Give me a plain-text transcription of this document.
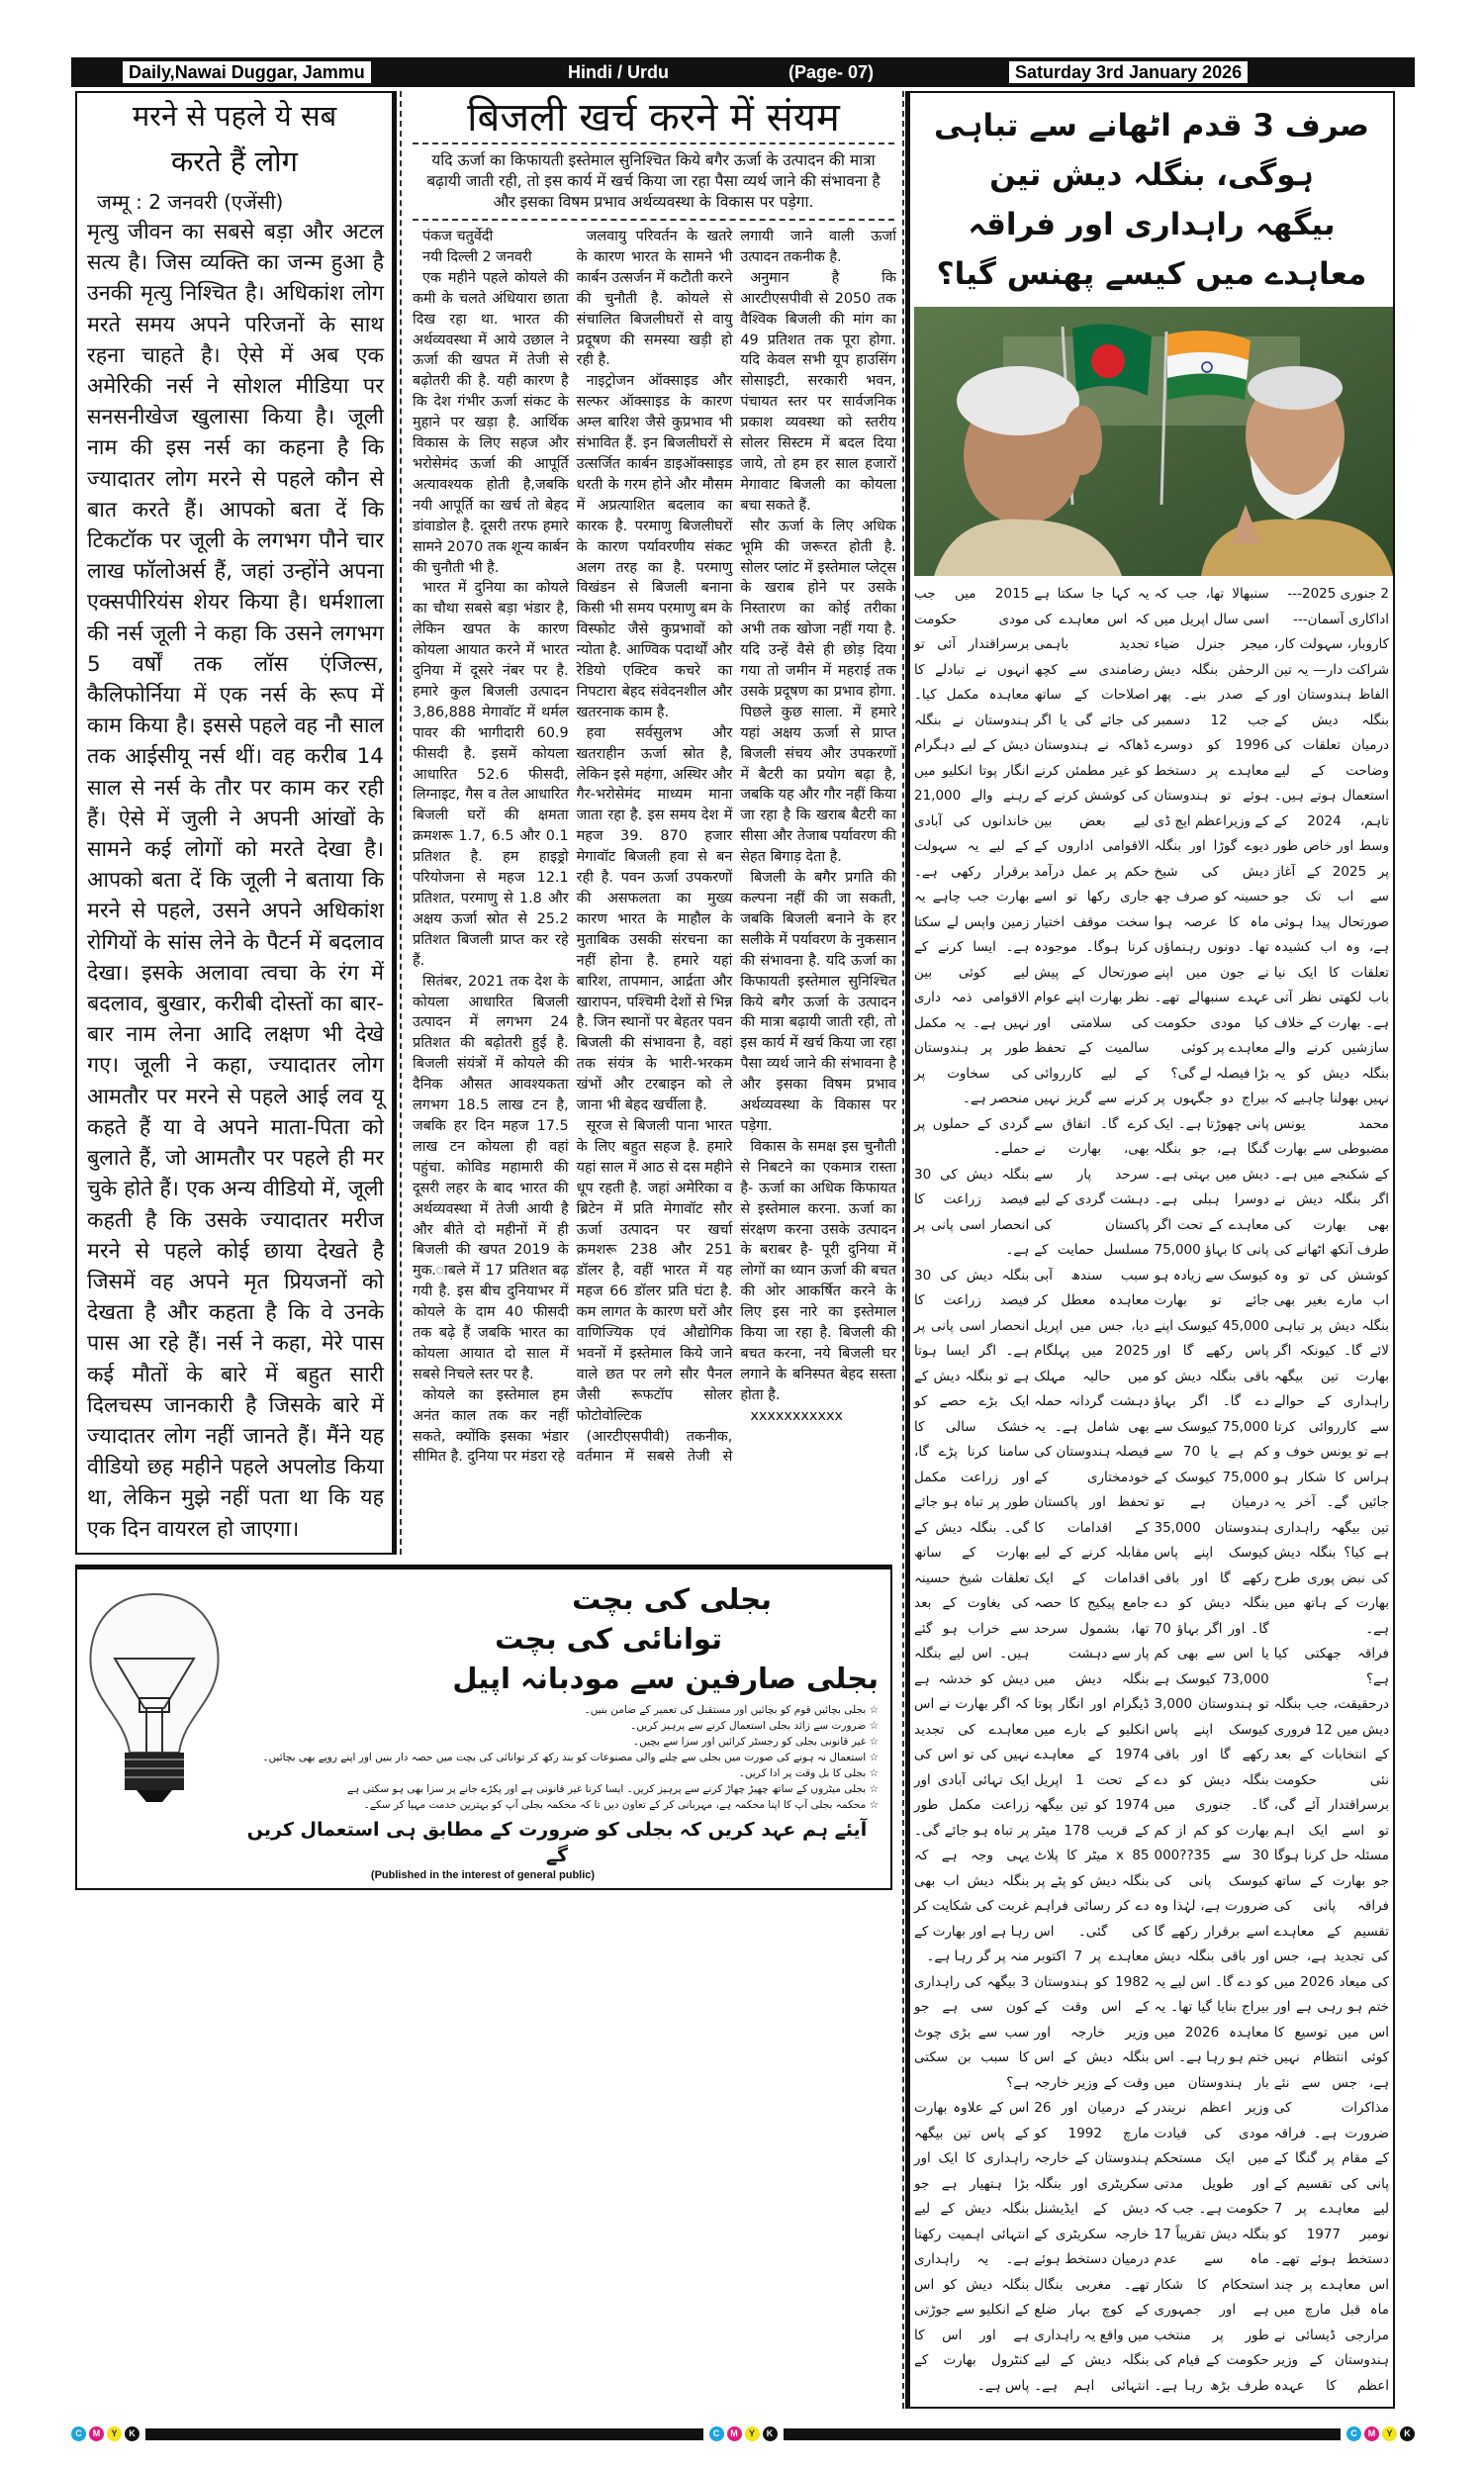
Daily,Nawai Duggar, Jammu	Hindi / Urdu	(Page- 07)	Saturday 3rd January 2026
मरने से पहले ये सब
करते हैं लोग
जम्मू : 2 जनवरी (एजेंसी)
मृत्यु जीवन का सबसे बड़ा और अटल सत्य है। जिस व्यक्ति का जन्म हुआ है उनकी मृत्यु निश्चित है। अधिकांश लोग मरते समय अपने परिजनों के साथ रहना चाहते है। ऐसे में अब एक अमेरिकी नर्स ने सोशल मीडिया पर सनसनीखेज खुलासा किया है। जूली नाम की इस नर्स का कहना है कि ज्यादातर लोग मरने से पहले कौन से बात करते हैं। आपको बता दें कि टिकटॉक पर जूली के लगभग पौने चार लाख फॉलोअर्स हैं, जहां उन्होंने अपना एक्सपीरियंस शेयर किया है। धर्मशाला की नर्स जूली ने कहा कि उसने लगभग 5 वर्षों तक लॉस एंजिल्स, कैलिफोर्निया में एक नर्स के रूप में काम किया है। इससे पहले वह नौ साल तक आईसीयू नर्स थीं। वह करीब 14 साल से नर्स के तौर पर काम कर रही हैं। ऐसे में जुली ने अपनी आंखों के सामने कई लोगों को मरते देखा है।आपको बता दें कि जूली ने बताया कि मरने से पहले, उसने अपने अधिकांश रोगियों के सांस लेने के पैटर्न में बदलाव देखा। इसके अलावा त्वचा के रंग में बदलाव, बुखार, करीबी दोस्तों का बार-बार नाम लेना आदि लक्षण भी देखे गए। जूली ने कहा, ज्यादातर लोग आमतौर पर मरने से पहले आई लव यू कहते हैं या वे अपने माता-पिता को बुलाते हैं, जो आमतौर पर पहले ही मर चुके होते हैं। एक अन्य वीडियो में, जूली कहती है कि उसके ज्यादातर मरीज मरने से पहले कोई छाया देखते है जिसमें वह अपने मृत प्रियजनों को देखता है और कहता है कि वे उनके पास आ रहे हैं। नर्स ने कहा, मेरे पास कई मौतों के बारे में बहुत सारी दिलचस्प जानकारी है जिसके बारे में ज्यादातर लोग नहीं जानते हैं। मैंने यह वीडियो छह महीने पहले अपलोड किया था, लेकिन मुझे नहीं पता था कि यह एक दिन वायरल हो जाएगा।
बिजली खर्च करने में संयम
यदि ऊर्जा का किफायती इस्तेमाल सुनिश्चित किये बगैर ऊर्जा के उत्पादन की मात्रा बढ़ायी जाती रही, तो इस कार्य में खर्च किया जा रहा पैसा व्यर्थ जाने की संभावना है और इसका विषम प्रभाव अर्थव्यवस्था के विकास पर पड़ेगा.
पंकज चतुर्वेदी
नयी दिल्ली 2 जनवरी

एक महीने पहले कोयले की कमी के चलते अंधियारा छाता दिख रहा था. भारत की अर्थव्यवस्था में आये उछाल ने ऊर्जा की खपत में तेजी से बढ़ोतरी की है. यही कारण है कि देश गंभीर ऊर्जा संकट के मुहाने पर खड़ा है. आर्थिक विकास के लिए सहज और भरोसेमंद ऊर्जा की आपूर्ति अत्यावश्यक होती है,जबकि नयी आपूर्ति का खर्च तो बेहद डांवाडोल है. दूसरी तरफ हमारे सामने 2070 तक शून्य कार्बन की चुनौती भी है.

भारत में दुनिया का कोयले का चौथा सबसे बड़ा भंडार है, लेकिन खपत के कारण कोयला आयात करने में भारत दुनिया में दूसरे नंबर पर है. हमारे कुल बिजली उत्पादन 3,86,888 मेगावॉट में थर्मल पावर की भागीदारी 60.9 फीसदी है. इसमें कोयला आधारित 52.6 फीसदी, लिग्नाइट, गैस व तेल आधारित बिजली घरों की क्षमता क्रमशरू 1.7, 6.5 और 0.1 प्रतिशत है. हम हाइड्रो परियोजना से महज 12.1 प्रतिशत, परमाणु से 1.8 और अक्षय ऊर्जा स्रोत से 25.2 प्रतिशत बिजली प्राप्त कर रहे हैं.

सितंबर, 2021 तक देश के कोयला आधारित बिजली उत्पादन में लगभग 24 प्रतिशत की बढ़ोतरी हुई है. बिजली संयंत्रों में कोयले की दैनिक औसत आवश्यकता लगभग 18.5 लाख टन है, जबकि हर दिन महज 17.5 लाख टन कोयला ही वहां पहुंचा. कोविड महामारी की दूसरी लहर के बाद भारत की अर्थव्यवस्था में तेजी आयी है और बीते दो महीनों में ही बिजली की खपत 2019 के मुक.ाबले में 17 प्रतिशत बढ़ गयी है. इस बीच दुनियाभर में कोयले के दाम 40 फीसदी तक बढ़े हैं जबकि भारत का कोयला आयात दो साल में सबसे निचले स्तर पर है.

कोयले का इस्तेमाल हम अनंत काल तक कर नहीं सकते, क्योंकि इसका भंडार सीमित है. दुनिया पर मंडरा रहे

जलवायु परिवर्तन के खतरे के कारण भारत के सामने भी कार्बन उत्सर्जन में कटौती करने की चुनौती है. कोयले से संचालित बिजलीघरों से वायु प्रदूषण की समस्या खड़ी हो रही है.

नाइट्रोजन ऑक्साइड और सल्फर ऑक्साइड के कारण अम्ल बारिश जैसे कुप्रभाव भी संभावित हैं. इन बिजलीघरों से उत्सर्जित कार्बन डाइऑक्साइड धरती के गरम होने और मौसम में अप्रत्याशित बदलाव का कारक है. परमाणु बिजलीघरों के कारण पर्यावरणीय संकट अलग तरह का है. परमाणु विखंडन से बिजली बनाना किसी भी समय परमाणु बम के विस्फोट जैसे कुप्रभावों को न्योता है. आण्विक पदार्थों और रेडियो एक्टिव कचरे का निपटारा बेहद संवेदनशील और खतरनाक काम है.

हवा सर्वसुलभ और खतराहीन ऊर्जा स्रोत है, लेकिन इसे महंगा, अस्थिर और गैर-भरोसेमंद माध्यम माना जाता रहा है. इस समय देश में महज 39. 870 हजार मेगावॉट बिजली हवा से बन रही है. पवन ऊर्जा उपकरणों की असफलता का मुख्य कारण भारत के माहौल के मुताबिक उसकी संरचना का नहीं होना है. हमारे यहां बारिश, तापमान, आर्द्रता और खारापन, पश्चिमी देशों से भिन्न है. जिन स्थानों पर बेहतर पवन बिजली की संभावना है, वहां तक संयंत्र के भारी-भरकम खंभों और टरबाइन को ले जाना भी बेहद खर्चीला है.

सूरज से बिजली पाना भारत के लिए बहुत सहज है. हमारे यहां साल में आठ से दस महीने धूप रहती है. जहां अमेरिका व ब्रिटेन में प्रति मेगावॉट सौर ऊर्जा उत्पादन पर खर्चा क्रमशरू 238 और 251 डॉलर है, वहीं भारत में यह महज 66 डॉलर प्रति घंटा है. कम लागत के कारण घरों और वाणिज्यिक एवं औद्योगिक भवनों में इस्तेमाल किये जाने वाले छत पर लगे सौर पैनल जैसी रूफटॉप सोलर फोटोवोल्टिक

(आरटीएसपीवी) तकनीक, वर्तमान में सबसे तेजी से लगायी जाने वाली ऊर्जा उत्पादन तकनीक है.

अनुमान है कि आरटीएसपीवी से 2050 तक वैश्विक बिजली की मांग का 49 प्रतिशत तक पूरा होगा. यदि केवल सभी यूप हाउसिंग सोसाइटी, सरकारी भवन, पंचायत स्तर पर सार्वजनिक प्रकाश व्यवस्था को स्तरीय सोलर सिस्टम में बदल दिया जाये, तो हम हर साल हजारों मेगावाट बिजली का कोयला बचा सकते हैं.

सौर ऊर्जा के लिए अधिक भूमि की जरूरत होती है. सोलर प्लांट में इस्तेमाल प्लेट्स के खराब होने पर उसके निस्तारण का कोई तरीका अभी तक खोजा नहीं गया है. यदि उन्हें वैसे ही छोड़ दिया गया तो जमीन में महराई तक उसके प्रदूषण का प्रभाव होगा. पिछले कुछ साला. में हमारे यहां अक्षय ऊर्जा से प्राप्त बिजली संचय और उपकरणों में बैटरी का प्रयोग बढ़ा है, जबकि यह और गौर नहीं किया जा रहा है कि खराब बैटरी का सीसा और तेजाब पर्यावरण की सेहत बिगाड़ देता है.

बिजली के बगैर प्रगति की कल्पना नहीं की जा सकती, जबकि बिजली बनाने के हर सलीके में पर्यावरण के नुकसान की संभावना है. यदि ऊर्जा का किफायती इस्तेमाल सुनिश्चित किये बगैर ऊर्जा के उत्पादन की मात्रा बढ़ायी जाती रही, तो इस कार्य में खर्च किया जा रहा पैसा व्यर्थ जाने की संभावना है और इसका विषम प्रभाव अर्थव्यवस्था के विकास पर पड़ेगा.

विकास के समक्ष इस चुनौती से निबटने का एकमात्र रास्ता है- ऊर्जा का अधिक किफायत से इस्तेमाल करना. ऊर्जा का संरक्षण करना उसके उत्पादन के बराबर है- पूरी दुनिया में लोगों का ध्यान ऊर्जा की बचत की ओर आकर्षित करने के लिए इस नारे का इस्तेमाल किया जा रहा है. बिजली की बचत करना, नये बिजली घर लगाने के बनिस्पत बेहद सस्ता होता है.

xxxxxxxxxxx

بجلی کی بچت
توانائی کی بچت
بجلی صارفین سے مودبانہ اپیل
☆ بجلی بچائیں قوم کو بچائیں اور مستقبل کی تعمیر کے ضامن بنیں۔
☆ ضرورت سے زائد بجلی استعمال کرنے سے پرہیز کریں۔
☆ غیر قانونی بجلی کو رجسٹر کرائیں اور سزا سے بچیں۔
☆ استعمال نہ ہونے کی صورت میں بجلی سے چلنے والی مصنوعات کو بند رکھ کر توانائی کی بچت میں حصہ دار بنیں اور اپنے روپے بھی بچائیں۔
☆ بجلی کا بل وقت پر ادا کریں۔
☆ بجلی میٹروں کے ساتھ چھیڑ چھاڑ کرنے سے پرہیز کریں۔ ایسا کرنا غیر قانونی ہے اور پکڑے جانے پر سزا بھی ہو سکتی ہے
☆ محکمہ بجلی آپ کا اپنا محکمہ ہے، مہربانی کر کے تعاون دیں تا کہ محکمہ بجلی آپ کو بہترین خدمت مہیا کر سکے۔
آیئے ہم عہد کریں کہ بجلی کو ضرورت کے مطابق ہی استعمال کریں گے
(Published in the interest of general public)
صرف 3 قدم اٹھانے سے تباہی ہوگی، بنگلہ دیش تین
بیگھہ راہداری اور فراقہ معاہدے میں کیسے پھنس گیا؟

2 جنوری 2025---

اداکاری آسمان---

کاروبار، سہولت کار، شراکت دار— یہ تین الفاظ ہندوستان اور بنگلہ دیش کے درمیان تعلقات کی وضاحت کے لیے استعمال ہوتے ہیں۔ تاہم، 2024 کے وسط اور خاص طور پر 2025 کے آغاز سے اب تک جو صورتحال پیدا ہوئی ہے، وہ اب کشیدہ تعلقات کا ایک نیا باب لکھتی نظر آتی ہے۔ بھارت کے خلاف سازشیں کرنے والے بنگلہ دیش کو یہ نہیں بھولنا چاہیے کہ محمد یونس مضبوطی سے بھارت کے شکنجے میں ہے۔ اگر بنگلہ دیش نے بھی بھارت کی طرف آنکھ اٹھانے کی کوشش کی تو وہ اب مارے بغیر بھی بنگلہ دیش پر تباہی لائے گا۔ کیونکہ اگر بھارت تین بیگھہ راہداری کے حوالے سے کارروائی کرتا ہے تو یونس خوف و ہراس کا شکار ہو جائیں گے۔ آخر یہ تین بیگھہ راہداری ہے کیا؟ بنگلہ دیش کی نبض پوری طرح بھارت کے ہاتھ میں ہے۔

فراقہ جھکتی کیا ہے؟

درحقیقت، جب بنگلہ دیش میں 12 فروری کے انتخابات کے بعد نئی حکومت برسراقتدار آئے گی، تو اسے ایک اہم مسئلہ حل کرنا ہوگا جو بھارت کے ساتھ فراقہ پانی کی تقسیم کے معاہدے کی تجدید ہے، جس کی میعاد 2026 میں ختم ہو رہی ہے اور اس میں توسیع کا کوئی انتظام نہیں ہے، جس سے نئے مذاکرات کی ضرورت ہے۔ فراقہ کے مقام پر گنگا کے پانی کی تقسیم کے لیے معاہدے پر 7 نومبر 1977 کو دستخط ہوئے تھے۔ اس معاہدے پر چند ماہ قبل مارچ میں مرارجی ڈیسائی نے ہندوستان کے وزیر اعظم کا عہدہ سنبھالا تھا، جب کہ اسی سال اپریل میں میجر جنرل ضیاء الرحمٰن بنگلہ دیش کے صدر بنے۔ پھر جب 12 دسمبر 1996 کو دوسرے معاہدے پر دستخط ہوئے تو ہندوستان کے وزیراعظم ایچ ڈی دیوے گوڑا اور بنگلہ دیش کی شیخ حسینہ کو صرف چھ ماہ کا عرصہ ہوا تھا۔ دونوں رہنماؤں نے جون میں اپنے عہدے سنبھالے تھے۔ کیا مودی حکومت معاہدے پر کوئی

بڑا فیصلہ لے گی؟

بیراج دو جگہوں پر پانی چھوڑتا ہے۔ ایک گنگا ہے، جو بنگلہ دیش میں بہتی ہے۔ دوسرا ہبلی ہے۔ معاہدے کے تحت اگر پانی کا بہاؤ 75,000 کیوسک سے زیادہ ہو جائے تو بھارت 45,000 کیوسک اپنے پاس رکھے گا اور باقی بنگلہ دیش کو دے گا۔ اگر بہاؤ 75,000 کیوسک سے کم ہے یا 70 سے 75,000 کیوسک کے درمیان ہے تو ہندوستان 35,000 کیوسک اپنے پاس رکھے گا اور باقی بنگلہ دیش کو دے گا۔ اور اگر بہاؤ 70 یا اس سے بھی کم 73,000 کیوسک ہے تو ہندوستان 3,000 کیوسک اپنے پاس رکھے گا اور باقی بنگلہ دیش کو دے گا۔ جنوری میں بھارت کو کم از کم 30 سے 35??000 کیوسک پانی کی ضرورت ہے، لہٰذا وہ اسے برقرار رکھے گا اور باقی بنگلہ دیش کو دے گا۔ اس لیے یہ بیراج بنایا گیا تھا۔ یہ معاہدہ 2026 میں ختم ہو رہا ہے۔ اس بار ہندوستان میں وزیر اعظم نریندر مودی کی قیادت میں ایک مستحکم اور طویل مدتی حکومت ہے۔ جب کہ بنگلہ دیش تقریباً 17 ماہ سے عدم استحکام کا شکار ہے اور جمہوری طور پر منتخب حکومت کے قیام کی طرف بڑھ رہا ہے۔ یہ کہا جا سکتا ہے کہ اس معاہدے کی تجدید باہمی رضامندی سے کچھ اصلاحات کے ساتھ کی جائے گی یا اگر ڈھاکہ نے ہندوستان کو غیر مطمئن کرنے کی کوشش کرنے کے لیے بعض بین الاقوامی اداروں کے حکم پر عمل درآمد جاری رکھا تو اسے سخت موقف اختیار کرنا ہوگا۔ موجودہ صورتحال کے پیش نظر بھارت اپنے عوام کی سلامتی اور سالمیت کے تحفظ کے لیے کارروائی کرنے سے گریز نہیں کرے گا۔ اتفاق سے بھی، بھارت نے سرحد پار سے دہشت گردی کے لیے پاکستان کی مسلسل حمایت کے سبب سندھ آبی معاہدہ معطل کر دیا، جس میں اپریل 2025 میں پہلگام میں حالیہ مہلک دہشت گردانہ حملہ بھی شامل ہے۔ یہ فیصلہ ہندوستان کی خودمختاری کے تحفظ اور پاکستان کے اقدامات کا مقابلہ کرنے کے لیے اقدامات کے ایک جامع پیکیج کا حصہ تھا، بشمول سرحد پار سے دہشت

بنگلہ دیش میں ڈیگرام اور انگار پوتا انکلیو کے بارے میں 1974 کے معاہدے کے تحت 1 اپریل 1974 کو تین بیگھہ کے قریب 178 میٹر x 85 میٹر کا پلاٹ بنگلہ دیش کو پٹے پر دے کر رسائی فراہم کی گئی۔ اس معاہدے پر 7 اکتوبر 1982 کو ہندوستان کے اس وقت کے وزیر خارجہ اور بنگلہ دیش کے اس وقت کے وزیر خارجہ کے درمیان اور 26 مارچ 1992 کو ہندوستان کے خارجہ سکریٹری اور بنگلہ دیش کے ایڈیشنل خارجہ سکریٹری کے درمیان دستخط ہوئے تھے۔ مغربی بنگال کے کوچ بہار ضلع میں واقع یہ راہداری بنگلہ دیش کے لیے انتہائی اہم ہے۔ 2015 میں جب مودی حکومت برسراقتدار آئی تو انہوں نے تبادلے کا معاہدہ مکمل کیا۔ ہندوستان نے بنگلہ دیش کے لیے دہگرام انگار پوتا انکلیو میں رہنے والے 21,000 خاندانوں کی آبادی کے لیے یہ سہولت برقرار رکھی ہے۔ بھارت جب چاہے یہ زمین واپس لے سکتا ہے۔ ایسا کرنے کے لیے کوئی بین الاقوامی ذمہ داری نہیں ہے۔ یہ مکمل طور پر ہندوستان کی سخاوت پر منحصر ہے۔

گردی کے حملوں پر حملے۔

بنگلہ دیش کی 30 فیصد زراعت کا انحصار اسی پانی پر ہے۔

بنگلہ دیش کی 30 فیصد زراعت کا انحصار اسی پانی پر ہے۔ اگر ایسا ہوتا ہے تو بنگلہ دیش کے ایک بڑے حصے کو خشک سالی کا سامنا کرنا پڑے گا، اور زراعت مکمل طور پر تباہ ہو جائے گی۔ بنگلہ دیش کے بھارت کے ساتھ تعلقات شیخ حسینہ کی بغاوت کے بعد سے خراب ہو گئے ہیں۔ اس لیے بنگلہ دیش کو خدشہ ہے کہ اگر بھارت نے اس معاہدے کی تجدید نہیں کی تو اس کی ایک تہائی آبادی اور زراعت مکمل طور پر تباہ ہو جائے گی۔ یہی وجہ ہے کہ بنگلہ دیش اب بھی غربت کی شکایت کر رہا ہے اور بھارت کے منہ پر گر رہا ہے۔

3 بیگھہ کی راہداری کون سی ہے جو سب سے بڑی چوٹ کا سبب بن سکتی ہے؟

اس کے علاوہ بھارت کے پاس تین بیگھہ راہداری کا ایک اور بڑا ہتھیار ہے جو بنگلہ دیش کے لیے انتہائی اہمیت رکھتا ہے۔ یہ راہداری بنگلہ دیش کو اس کے انکلیو سے جوڑتی ہے اور اس کا کنٹرول بھارت کے پاس ہے۔

C	M	Y	K	C	M	Y	K	C	M	Y	K
